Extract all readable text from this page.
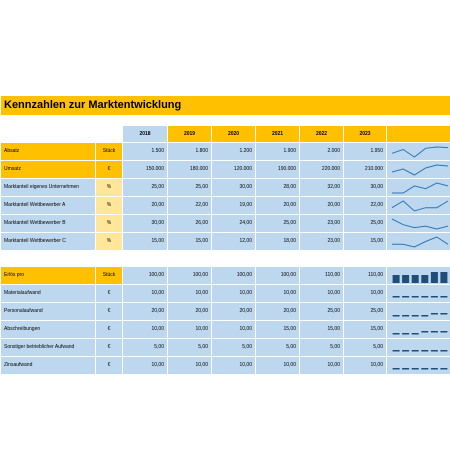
Kennzahlen zur Marktentwicklung								

		2018	2019	2020	2021	2022	2023	
Absatz	Stück	1.500	1.800	1.200	1.900	2.000	1.950	

Umsatz	€	150.000	180.000	120.000	190.000	220.000	210.000	

Marktanteil eigenes Unternehmen	%	25,00	25,00	30,00	28,00	32,00	30,00	

Marktanteil Wettbewerber A	%	20,00	22,00	19,00	20,00	20,00	22,00	

Marktanteil Wettbewerber B	%	30,00	26,00	24,00	25,00	23,00	25,00	

Marktanteil Wettbewerber C	%	15,00	15,00	12,00	18,00	23,00	15,00	

Erlös pro	Stück	100,00	100,00	100,00	100,00	110,00	110,00	

Materialaufwand	€	10,00	10,00	10,00	10,00	10,00	10,00	

Personalaufwand	€	20,00	20,00	20,00	20,00	25,00	25,00	

Abschreibungen	€	10,00	10,00	10,00	15,00	15,00	15,00	

Sonstiger betrieblicher Aufwand	€	5,00	5,00	5,00	5,00	5,00	5,00	

Zinsaufwand	€	10,00	10,00	10,00	10,00	10,00	10,00	
